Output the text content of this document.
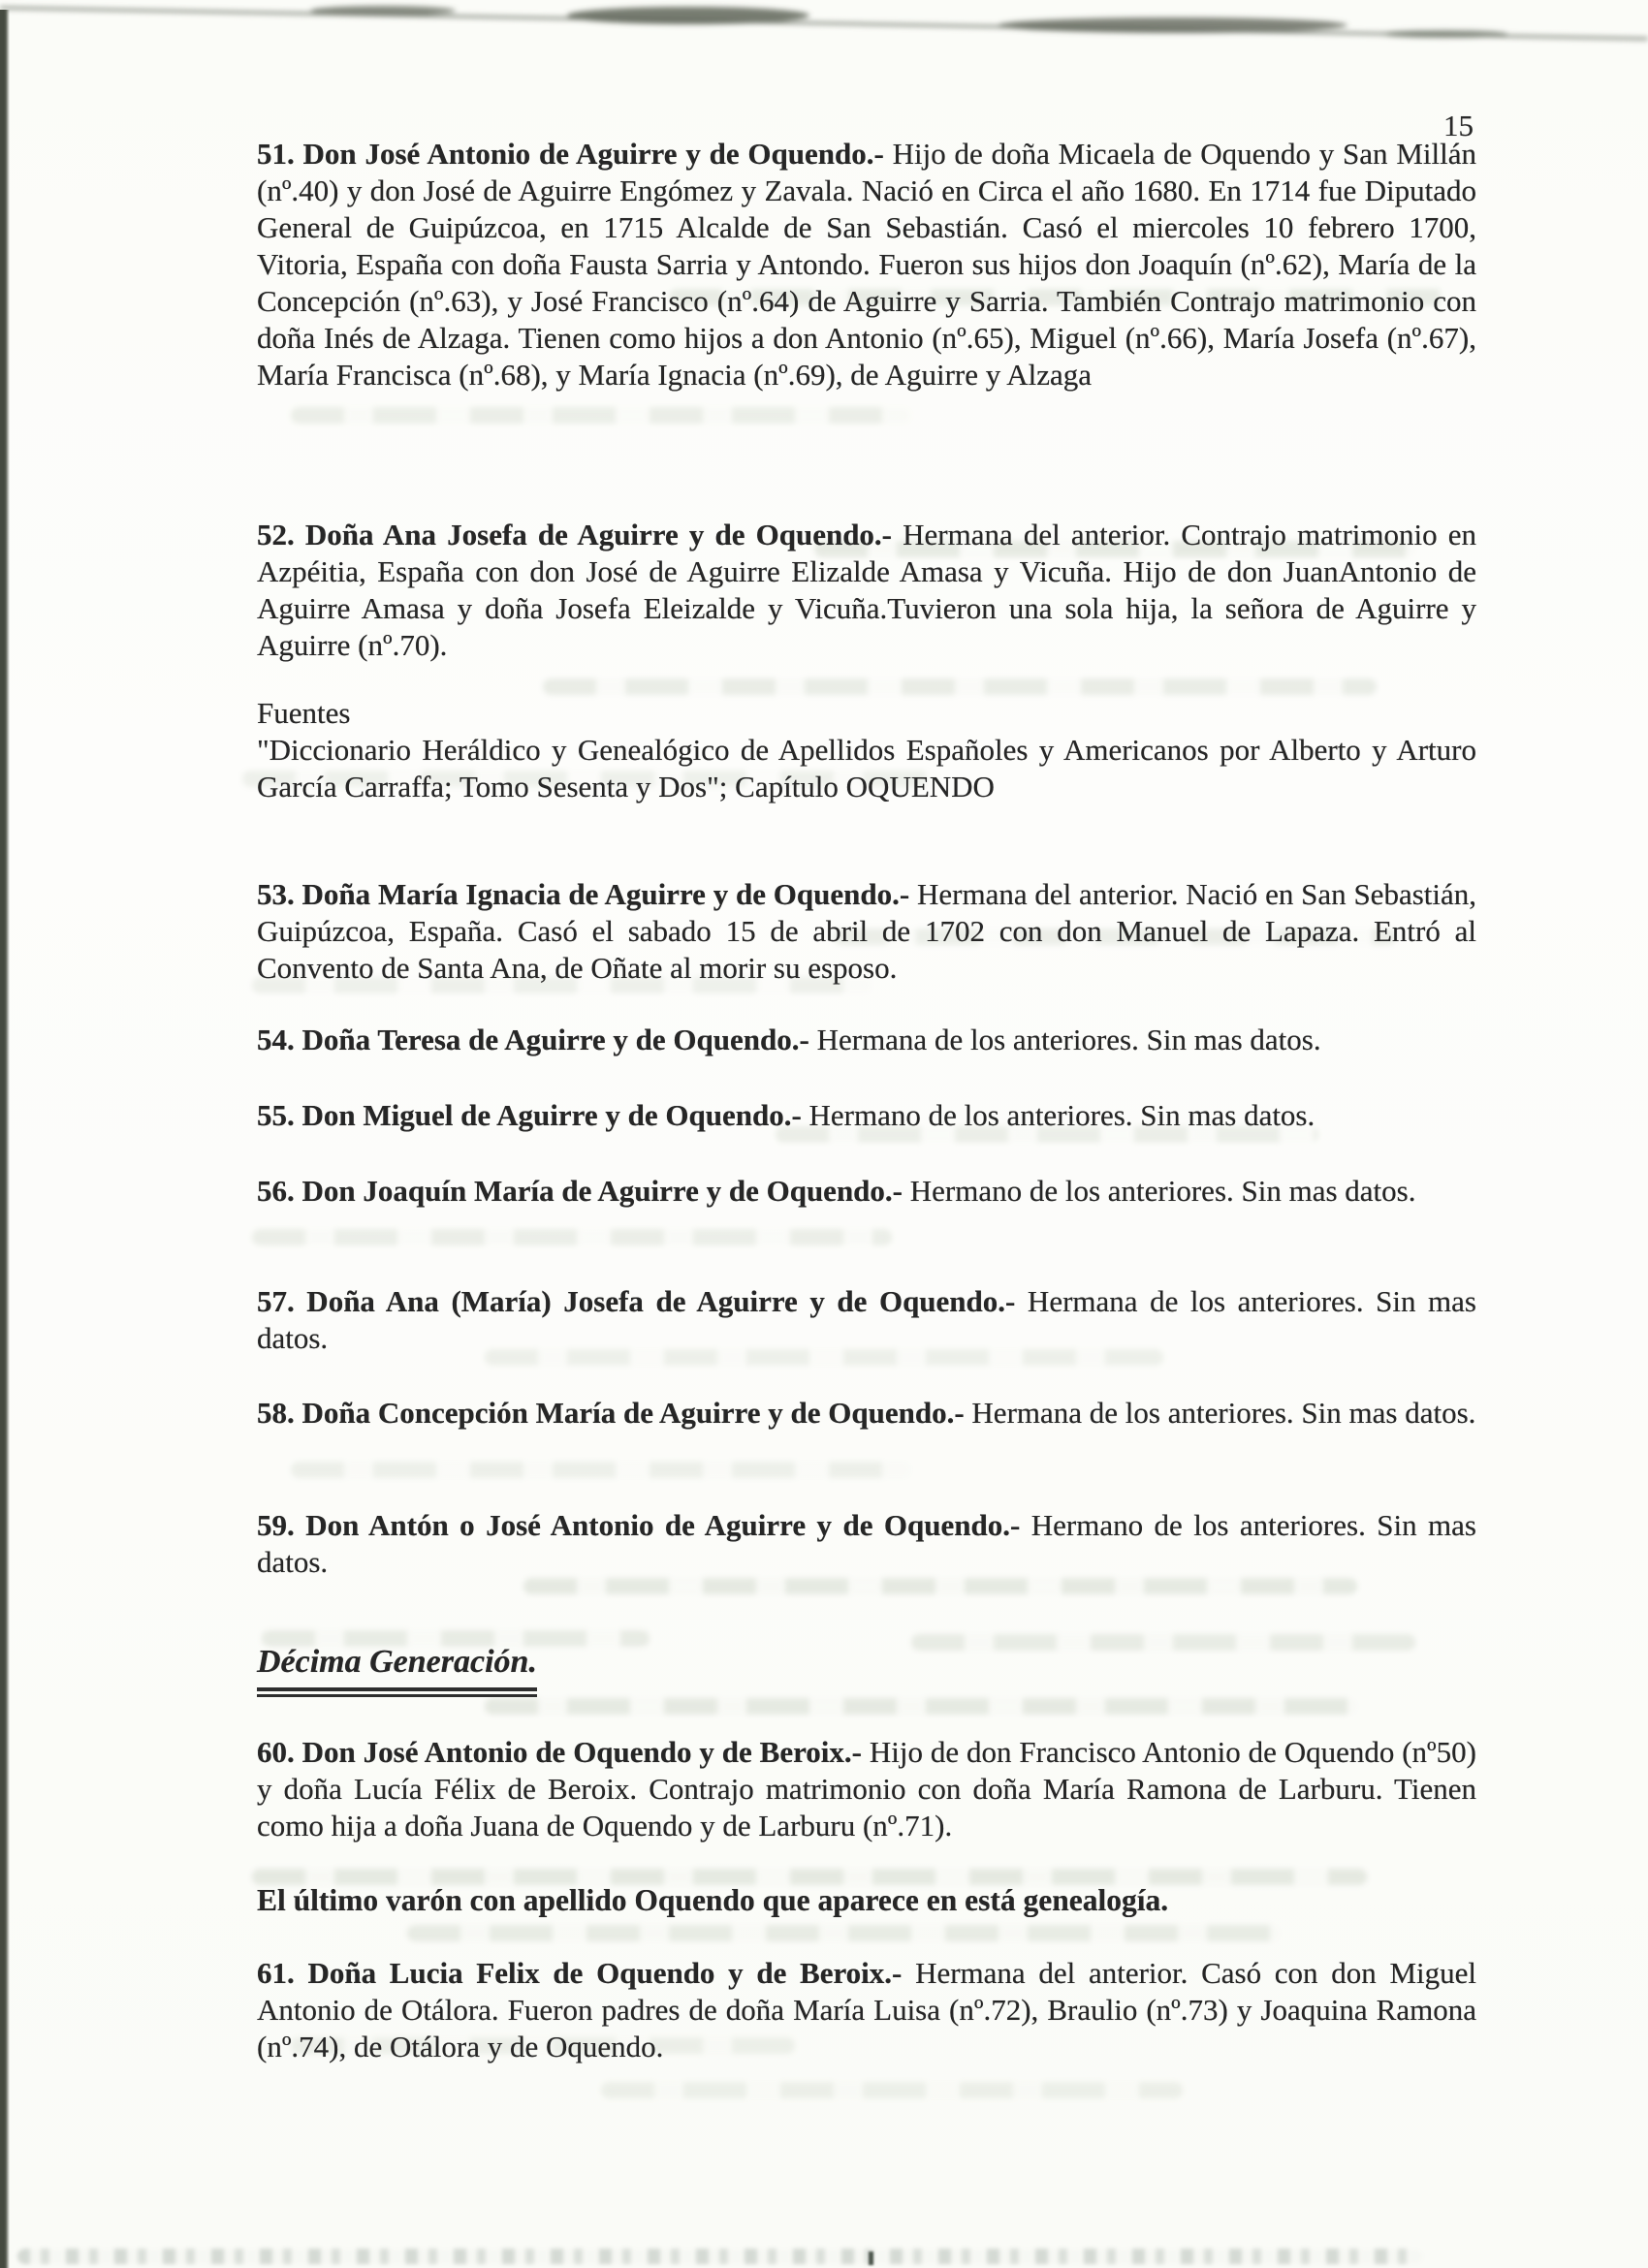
15
51. Don José Antonio de Aguirre y de Oquendo.- Hijo de doña Micaela de Oquendo y San Millán (nº.40) y don José de Aguirre Engómez y Zavala. Nació en Circa el año 1680. En 1714 fue Diputado General de Guipúzcoa, en 1715 Alcalde de San Sebastián. Casó el miercoles 10 febrero 1700, Vitoria, España con doña Fausta Sarria y Antondo. Fueron sus hijos don Joaquín (nº.62), María de la Concepción (nº.63), y José Francisco (nº.64) de Aguirre y Sarria. También Contrajo matrimonio con doña Inés de Alzaga. Tienen como hijos a don Antonio (nº.65), Miguel (nº.66), María Josefa (nº.67), María Francisca (nº.68), y María Ignacia (nº.69), de Aguirre y Alzaga
52. Doña Ana Josefa de Aguirre y de Oquendo.- Hermana del anterior. Contrajo matrimonio en Azpéitia, España con don José de Aguirre Elizalde Amasa y Vicuña. Hijo de don JuanAntonio de Aguirre Amasa y doña Josefa Eleizalde y Vicuña.Tuvieron una sola hija, la señora de Aguirre y Aguirre (nº.70).
Fuentes
"Diccionario Heráldico y Genealógico de Apellidos Españoles y Americanos por Alberto y Arturo García Carraffa; Tomo Sesenta y Dos"; Capítulo OQUENDO
53. Doña María Ignacia de Aguirre y de Oquendo.- Hermana del anterior. Nació en San Sebastián, Guipúzcoa, España. Casó el sabado 15 de abril de 1702 con don Manuel de Lapaza. Entró al Convento de Santa Ana, de Oñate al morir su esposo.
54. Doña Teresa de Aguirre y de Oquendo.- Hermana de los anteriores. Sin mas datos.
55. Don Miguel de Aguirre y de Oquendo.- Hermano de los anteriores. Sin mas datos.
56. Don Joaquín María de Aguirre y de Oquendo.- Hermano de los anteriores. Sin mas datos.
57. Doña Ana (María) Josefa de Aguirre y de Oquendo.- Hermana de los anteriores. Sin mas datos.
58. Doña Concepción María de Aguirre y de Oquendo.- Hermana de los anteriores. Sin mas datos.
59. Don Antón o José Antonio de Aguirre y de Oquendo.- Hermano de los anteriores. Sin mas datos.
Décima Generación.
60. Don José Antonio de Oquendo y de Beroix.- Hijo de don Francisco Antonio de Oquendo (nº50) y doña Lucía Félix de Beroix. Contrajo matrimonio con doña María Ramona de Larburu. Tienen como hija a doña Juana de Oquendo y de Larburu (nº.71).
El último varón con apellido Oquendo que aparece en está genealogía.
61. Doña Lucia Felix de Oquendo y de Beroix.- Hermana del anterior. Casó con don Miguel Antonio de Otálora. Fueron padres de doña María Luisa (nº.72), Braulio (nº.73) y Joaquina Ramona (nº.74), de Otálora y de Oquendo.
